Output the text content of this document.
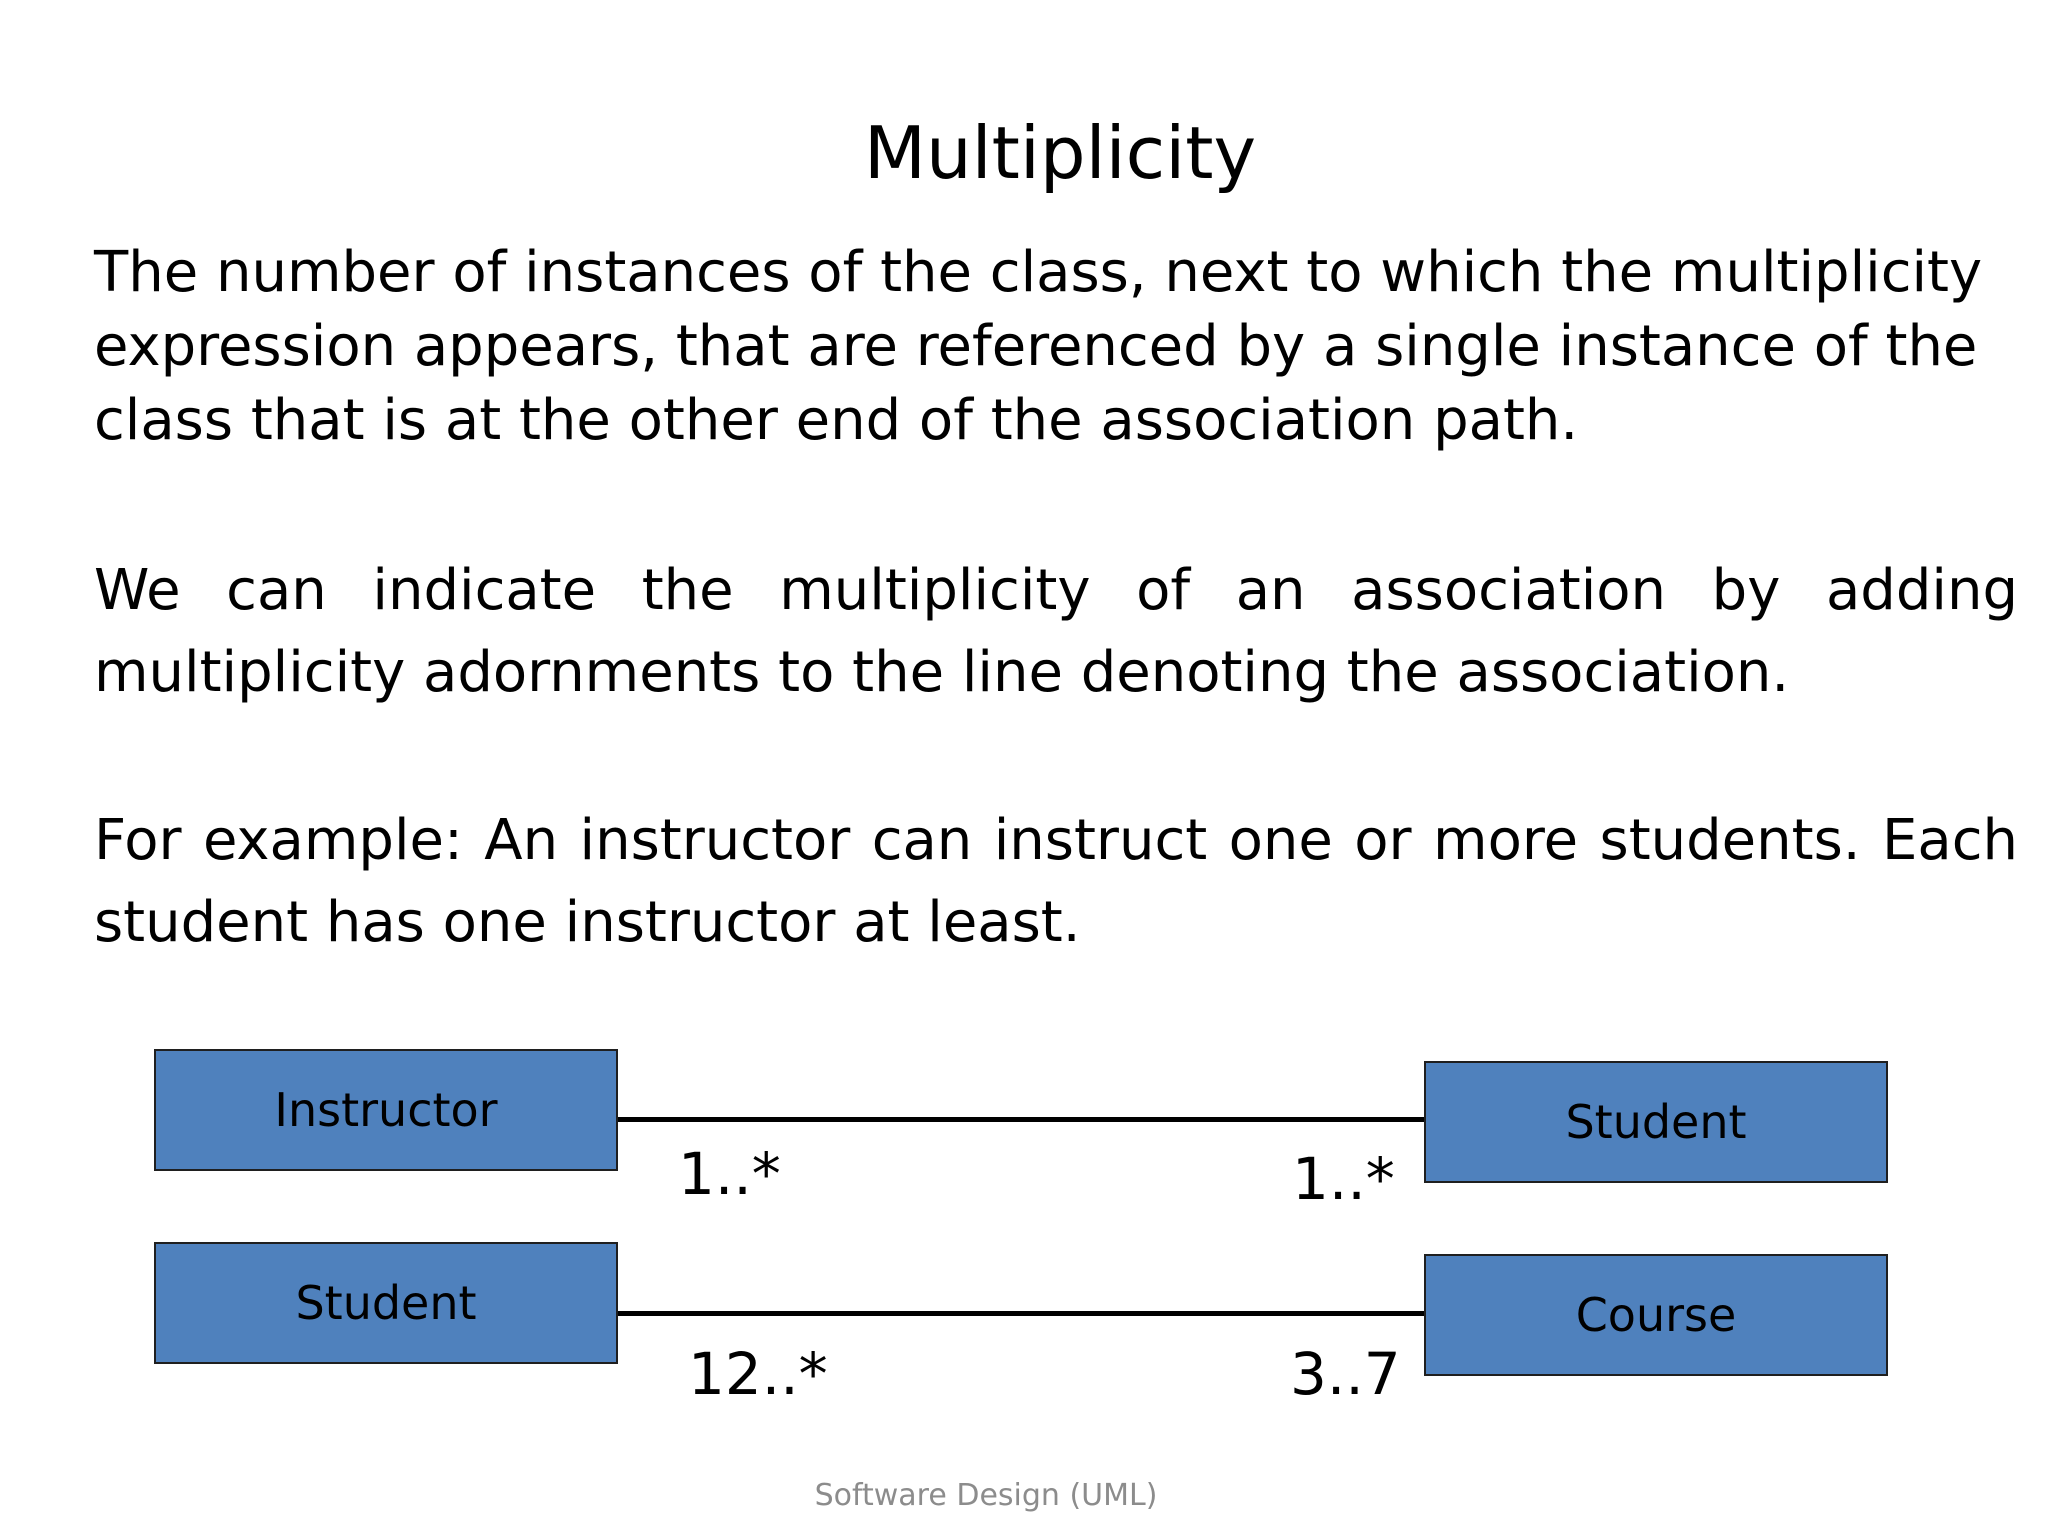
Multiplicity
The number of instances of the class, next to which the multiplicity
expression appears, that are referenced by a single instance of the
class that is at the other end of the association path.
We can indicate the multiplicity of an association by adding
multiplicity adornments to the line denoting the association.
For example: An instructor can instruct one or more students. Each
student has one instructor at least.
Instructor	Student
1..*	1..*
Student	Course
12..*	3..7
Software Design (UML)
